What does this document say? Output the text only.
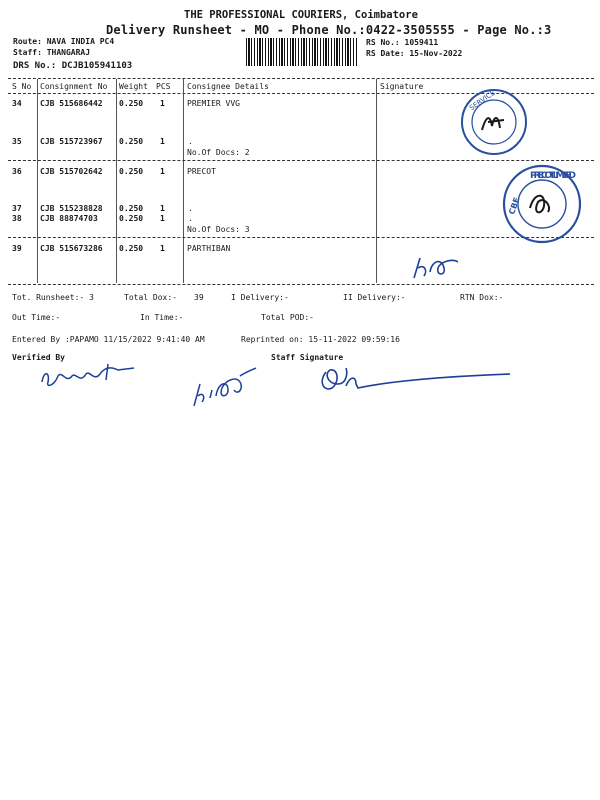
THE PROFESSIONAL COURIERS, Coimbatore
Delivery Runsheet - MO - Phone No.:0422-3505555 - Page No.:3
Route: NAVA INDIA PC4
Staff: THANGARAJ
DRS No.: DCJB105941103
RS No.: 1059411
RS Date: 15-Nov-2022
S No Consignment No Weight PCS Consignee Details	Signature
34 CJB 515686442 0.250 1	PREMIER VVG
35 CJB 515723967 0.250 1	.
No.Of Docs: 2
36 CJB 515702642 0.250 1	PRECOT
37 CJB 515238828 0.250 1	.
38 CJB 88874703	0.250 1	.
No.Of Docs: 3
39 CJB 515673286 0.250 1	PARTHIBAN
SERVICE
PRECOT LIMITED
CBE
Tot. Runsheet:- 3	Total Dox:- 39	I Delivery:-	II Delivery:-	RTN Dox:-
Out Time:-	In Time:-	Total POD:-
Entered By :PAPAMO 11/15/2022 9:41:40 AM	Reprinted on: 15-11-2022 09:59:16
Verified By	Staff Signature
